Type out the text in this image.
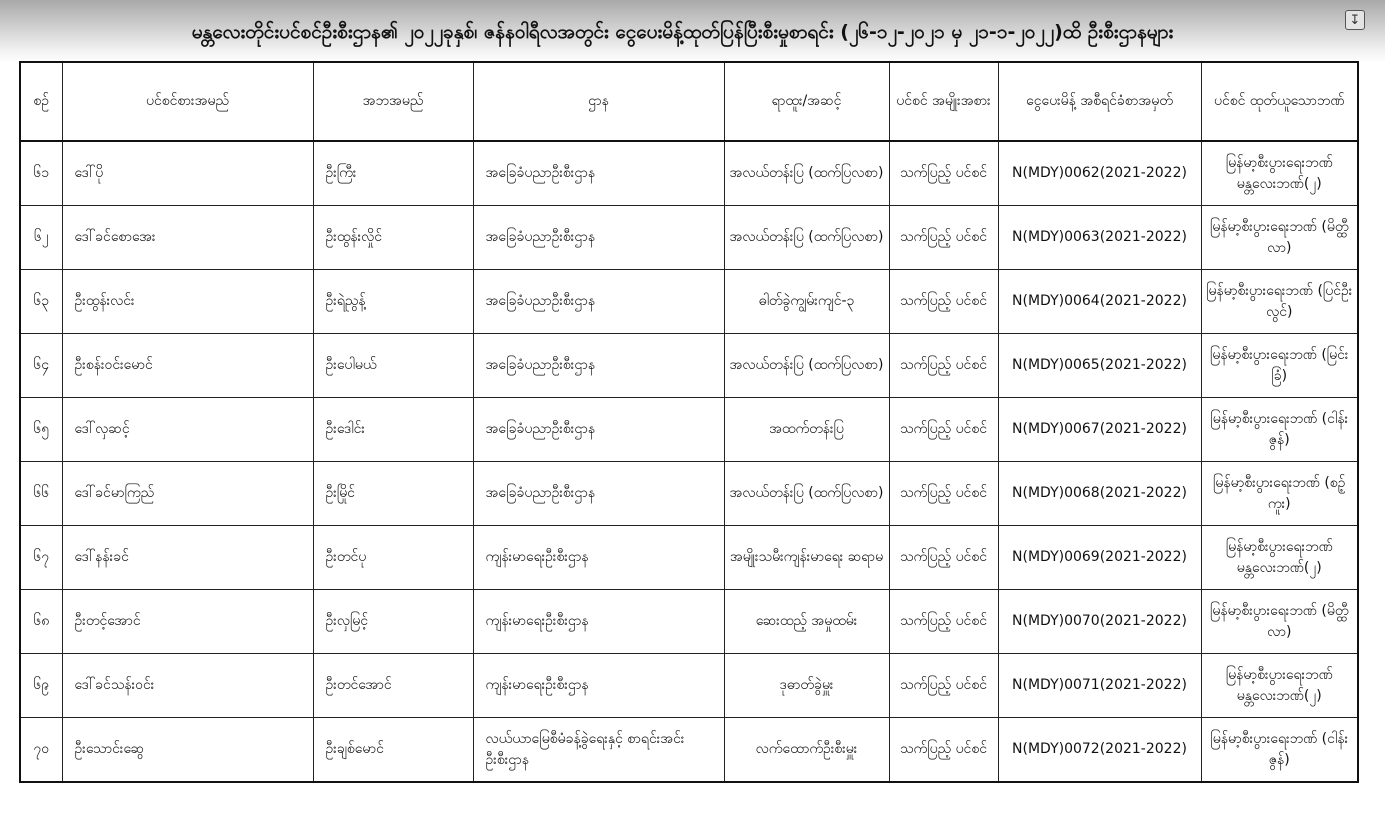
မန္တလေးတိုင်းပင်စင်ဦးစီးဌာန၏ ၂၀၂၂ခုနှစ်၊ ဇန်နဝါရီလအတွင်း ငွေပေးမိန့်ထုတ်ပြန်ပြီးစီးမှုစာရင်း (၂၆-၁၂-၂၀၂၁ မှ ၂၁-၁-၂၀၂၂)ထိ ဦးစီးဌာနများ
↧
စဉ်	ပင်စင်စားအမည်	အဘအမည်	ဌာန	ရာထူး/အဆင့်	ပင်စင် အမျိုးအစား	ငွေပေးမိန့် အစီရင်ခံစာအမှတ်	ပင်စင် ထုတ်ယူသောဘဏ်
၆၁	ဒေါ်ပို	ဦးကြီး	အခြေခံပညာဦးစီးဌာန	အလယ်တန်းပြ (ထက်ပြလစာ)	သက်ပြည့် ပင်စင်	N(MDY)0062(2021-2022)	မြန်မာ့စီးပွားရေးဘဏ် မန္တလေးဘဏ်(၂)
၆၂	ဒေါ်ခင်စောအေး	ဦးထွန်းလှိုင်	အခြေခံပညာဦးစီးဌာန	အလယ်တန်းပြ (ထက်ပြလစာ)	သက်ပြည့် ပင်စင်	N(MDY)0063(2021-2022)	မြန်မာ့စီးပွားရေးဘဏ် (မိတ္ထီလာ)
၆၃	ဦးထွန်းလင်း	ဦးရဲညွန့်	အခြေခံပညာဦးစီးဌာန	ဓါတ်ခွဲကျွမ်းကျင်-၃	သက်ပြည့် ပင်စင်	N(MDY)0064(2021-2022)	မြန်မာ့စီးပွားရေးဘဏ် (ပြင်ဦးလွင်)
၆၄	ဦးစန်းဝင်းမောင်	ဦးပေါမယ်	အခြေခံပညာဦးစီးဌာန	အလယ်တန်းပြ (ထက်ပြလစာ)	သက်ပြည့် ပင်စင်	N(MDY)0065(2021-2022)	မြန်မာ့စီးပွားရေးဘဏ် (မြင်းခြံ)
၆၅	ဒေါ်လှဆင့်	ဦးဒေါင်း	အခြေခံပညာဦးစီးဌာန	အထက်တန်းပြ	သက်ပြည့် ပင်စင်	N(MDY)0067(2021-2022)	မြန်မာ့စီးပွားရေးဘဏ် (ငါန်းဇွန်)
၆၆	ဒေါ်ခင်မာကြည်	ဦးမြိုင်	အခြေခံပညာဦးစီးဌာန	အလယ်တန်းပြ (ထက်ပြလစာ)	သက်ပြည့် ပင်စင်	N(MDY)0068(2021-2022)	မြန်မာ့စီးပွားရေးဘဏ် (စဉ့်ကူး)
၆၇	ဒေါ်နန်းခင်	ဦးတင်ပု	ကျန်းမာရေးဦးစီးဌာန	အမျိုးသမီးကျန်းမာရေး ဆရာမ	သက်ပြည့် ပင်စင်	N(MDY)0069(2021-2022)	မြန်မာ့စီးပွားရေးဘဏ် မန္တလေးဘဏ်(၂)
၆၈	ဦးတင့်အောင်	ဦးလှမြင့်	ကျန်းမာရေးဦးစီးဌာန	ဆေးထည့် အမှုထမ်း	သက်ပြည့် ပင်စင်	N(MDY)0070(2021-2022)	မြန်မာ့စီးပွားရေးဘဏ် (မိတ္ထီလာ)
၆၉	ဒေါ်ခင်သန်းဝင်း	ဦးတင်အောင်	ကျန်းမာရေးဦးစီးဌာန	ဒုဓာတ်ခွဲမှူး	သက်ပြည့် ပင်စင်	N(MDY)0071(2021-2022)	မြန်မာ့စီးပွားရေးဘဏ် မန္တလေးဘဏ်(၂)
၇၀	ဦးသောင်းဆွေ	ဦးချစ်မောင်	လယ်ယာမြေစီမံခန့်ခွဲရေးနှင့် စာရင်းအင်းဦးစီးဌာန	လက်ထောက်ဦးစီးမှူး	သက်ပြည့် ပင်စင်	N(MDY)0072(2021-2022)	မြန်မာ့စီးပွားရေးဘဏ် (ငါန်းဇွန်)
